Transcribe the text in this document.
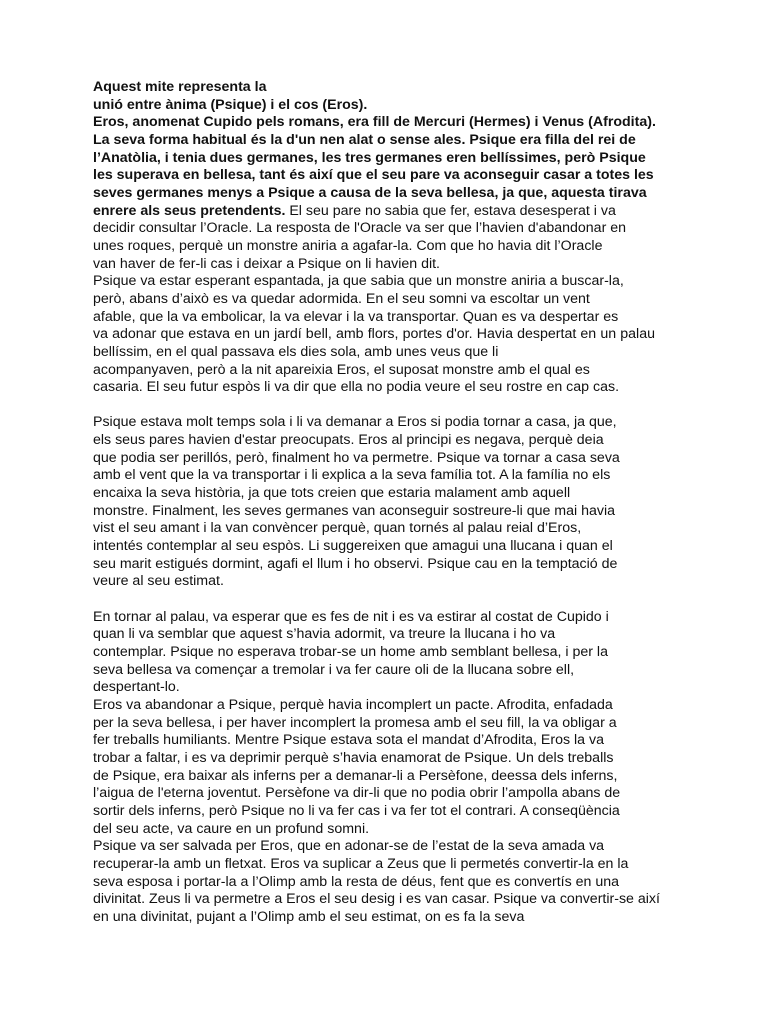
Aquest mite representa la
unió entre ànima (Psique) i el cos (Eros).
Eros, anomenat Cupido pels romans, era fill de Mercuri (Hermes) i Venus (Afrodita).
La seva forma habitual és la d'un nen alat o sense ales. Psique era filla del rei de
l’Anatòlia, i tenia dues germanes, les tres germanes eren bellíssimes, però Psique
les superava en bellesa, tant és així que el seu pare va aconseguir casar a totes les
seves germanes menys a Psique a causa de la seva bellesa, ja que, aquesta tirava
enrere als seus pretendents. El seu pare no sabia que fer, estava desesperat i va
decidir consultar l’Oracle. La resposta de l'Oracle va ser que l’havien d'abandonar en
unes roques, perquè un monstre aniria a agafar-la. Com que ho havia dit l’Oracle
van haver de fer-li cas i deixar a Psique on li havien dit.
Psique va estar esperant espantada, ja que sabia que un monstre aniria a buscar-la,
però, abans d’això es va quedar adormida. En el seu somni va escoltar un vent
afable, que la va embolicar, la va elevar i la va transportar. Quan es va despertar es
va adonar que estava en un jardí bell, amb flors, portes d'or. Havia despertat en un palau
bellíssim, en el qual passava els dies sola, amb unes veus que li
acompanyaven, però a la nit apareixia Eros, el suposat monstre amb el qual es
casaria. El seu futur espòs li va dir que ella no podia veure el seu rostre en cap cas.
Psique estava molt temps sola i li va demanar a Eros si podia tornar a casa, ja que,
els seus pares havien d'estar preocupats. Eros al principi es negava, perquè deia
que podia ser perillós, però, finalment ho va permetre. Psique va tornar a casa seva
amb el vent que la va transportar i li explica a la seva família tot. A la família no els
encaixa la seva història, ja que tots creien que estaria malament amb aquell
monstre. Finalment, les seves germanes van aconseguir sostreure-li que mai havia
vist el seu amant i la van convèncer perquè, quan tornés al palau reial d’Eros,
intentés contemplar al seu espòs. Li suggereixen que amagui una llucana i quan el
seu marit estigués dormint, agafi el llum i ho observi. Psique cau en la temptació de
veure al seu estimat.
En tornar al palau, va esperar que es fes de nit i es va estirar al costat de Cupido i
quan li va semblar que aquest s’havia adormit, va treure la llucana i ho va
contemplar. Psique no esperava trobar-se un home amb semblant bellesa, i per la
seva bellesa va començar a tremolar i va fer caure oli de la llucana sobre ell,
despertant-lo.
Eros va abandonar a Psique, perquè havia incomplert un pacte. Afrodita, enfadada
per la seva bellesa, i per haver incomplert la promesa amb el seu fill, la va obligar a
fer treballs humiliants. Mentre Psique estava sota el mandat d’Afrodita, Eros la va
trobar a faltar, i es va deprimir perquè s’havia enamorat de Psique. Un dels treballs
de Psique, era baixar als inferns per a demanar-li a Persèfone, deessa dels inferns,
l’aigua de l'eterna joventut. Persèfone va dir-li que no podia obrir l’ampolla abans de
sortir dels inferns, però Psique no li va fer cas i va fer tot el contrari. A conseqüència
del seu acte, va caure en un profund somni.
Psique va ser salvada per Eros, que en adonar-se de l’estat de la seva amada va
recuperar-la amb un fletxat. Eros va suplicar a Zeus que li permetés convertir-la en la
seva esposa i portar-la a l’Olimp amb la resta de déus, fent que es convertís en una
divinitat. Zeus li va permetre a Eros el seu desig i es van casar. Psique va convertir-se així
en una divinitat, pujant a l’Olimp amb el seu estimat, on es fa la seva
